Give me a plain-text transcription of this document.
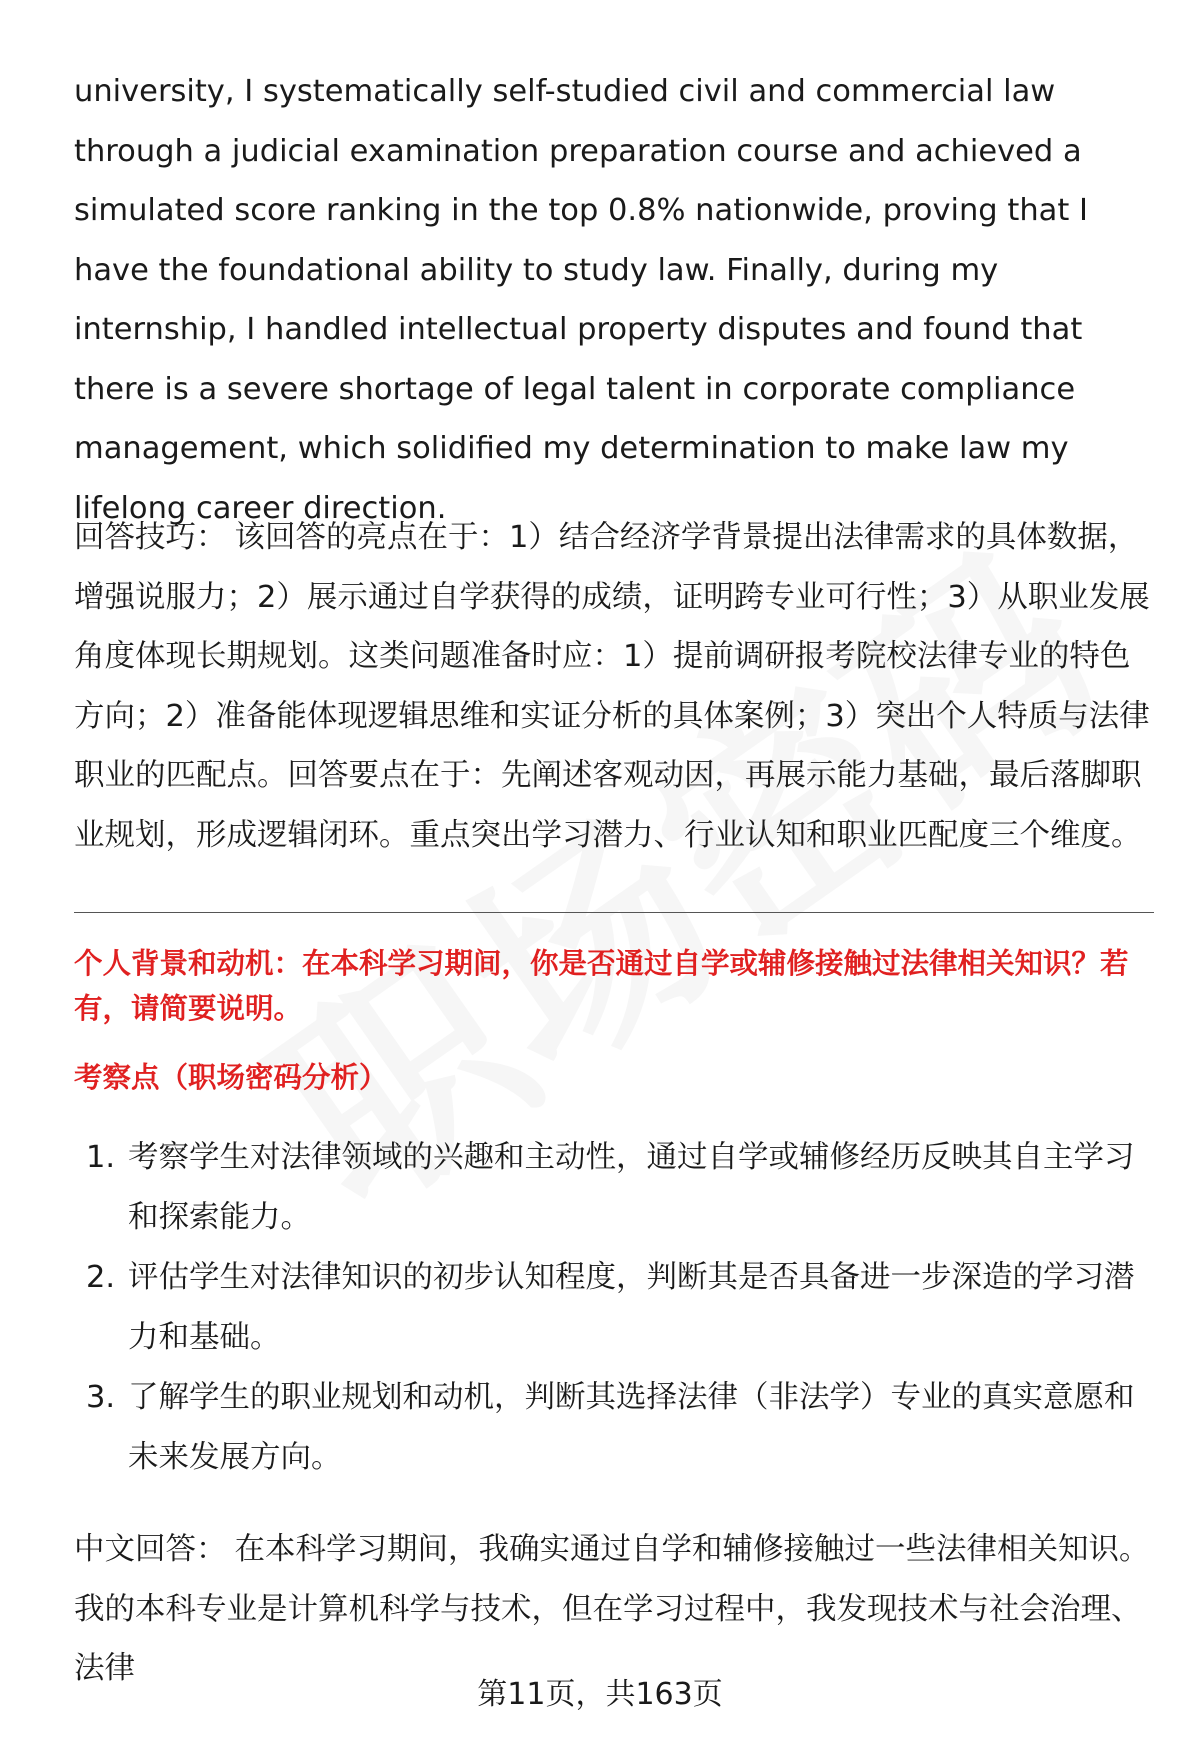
university, I systematically self-studied civil and commercial law through a judicial examination preparation course and achieved a simulated score ranking in the top 0.8% nationwide, proving that I have the foundational ability to study law. Finally, during my internship, I handled intellectual property disputes and found that there is a severe shortage of legal talent in corporate compliance management, which solidified my determination to make law my lifelong career direction.

回答技巧： 该回答的亮点在于：1）结合经济学背景提出法律需求的具体数据，增强说服力；2）展示通过自学获得的成绩，证明跨专业可行性；3）从职业发展角度体现长期规划。这类问题准备时应：1）提前调研报考院校法律专业的特色方向；2）准备能体现逻辑思维和实证分析的具体案例；3）突出个人特质与法律职业的匹配点。回答要点在于：先阐述客观动因，再展示能力基础，最后落脚职业规划，形成逻辑闭环。重点突出学习潜力、行业认知和职业匹配度三个维度。

个人背景和动机：在本科学习期间，你是否通过自学或辅修接触过法律相关知识？若有，请简要说明。

考察点（职场密码分析）

1. 考察学生对法律领域的兴趣和主动性，通过自学或辅修经历反映其自主学习和探索能力。
2. 评估学生对法律知识的初步认知程度，判断其是否具备进一步深造的学习潜力和基础。
3. 了解学生的职业规划和动机，判断其选择法律（非法学）专业的真实意愿和未来发展方向。

中文回答： 在本科学习期间，我确实通过自学和辅修接触过一些法律相关知识。我的本科专业是计算机科学与技术，但在学习过程中，我发现技术与社会治理、法律

第11页，共163页
